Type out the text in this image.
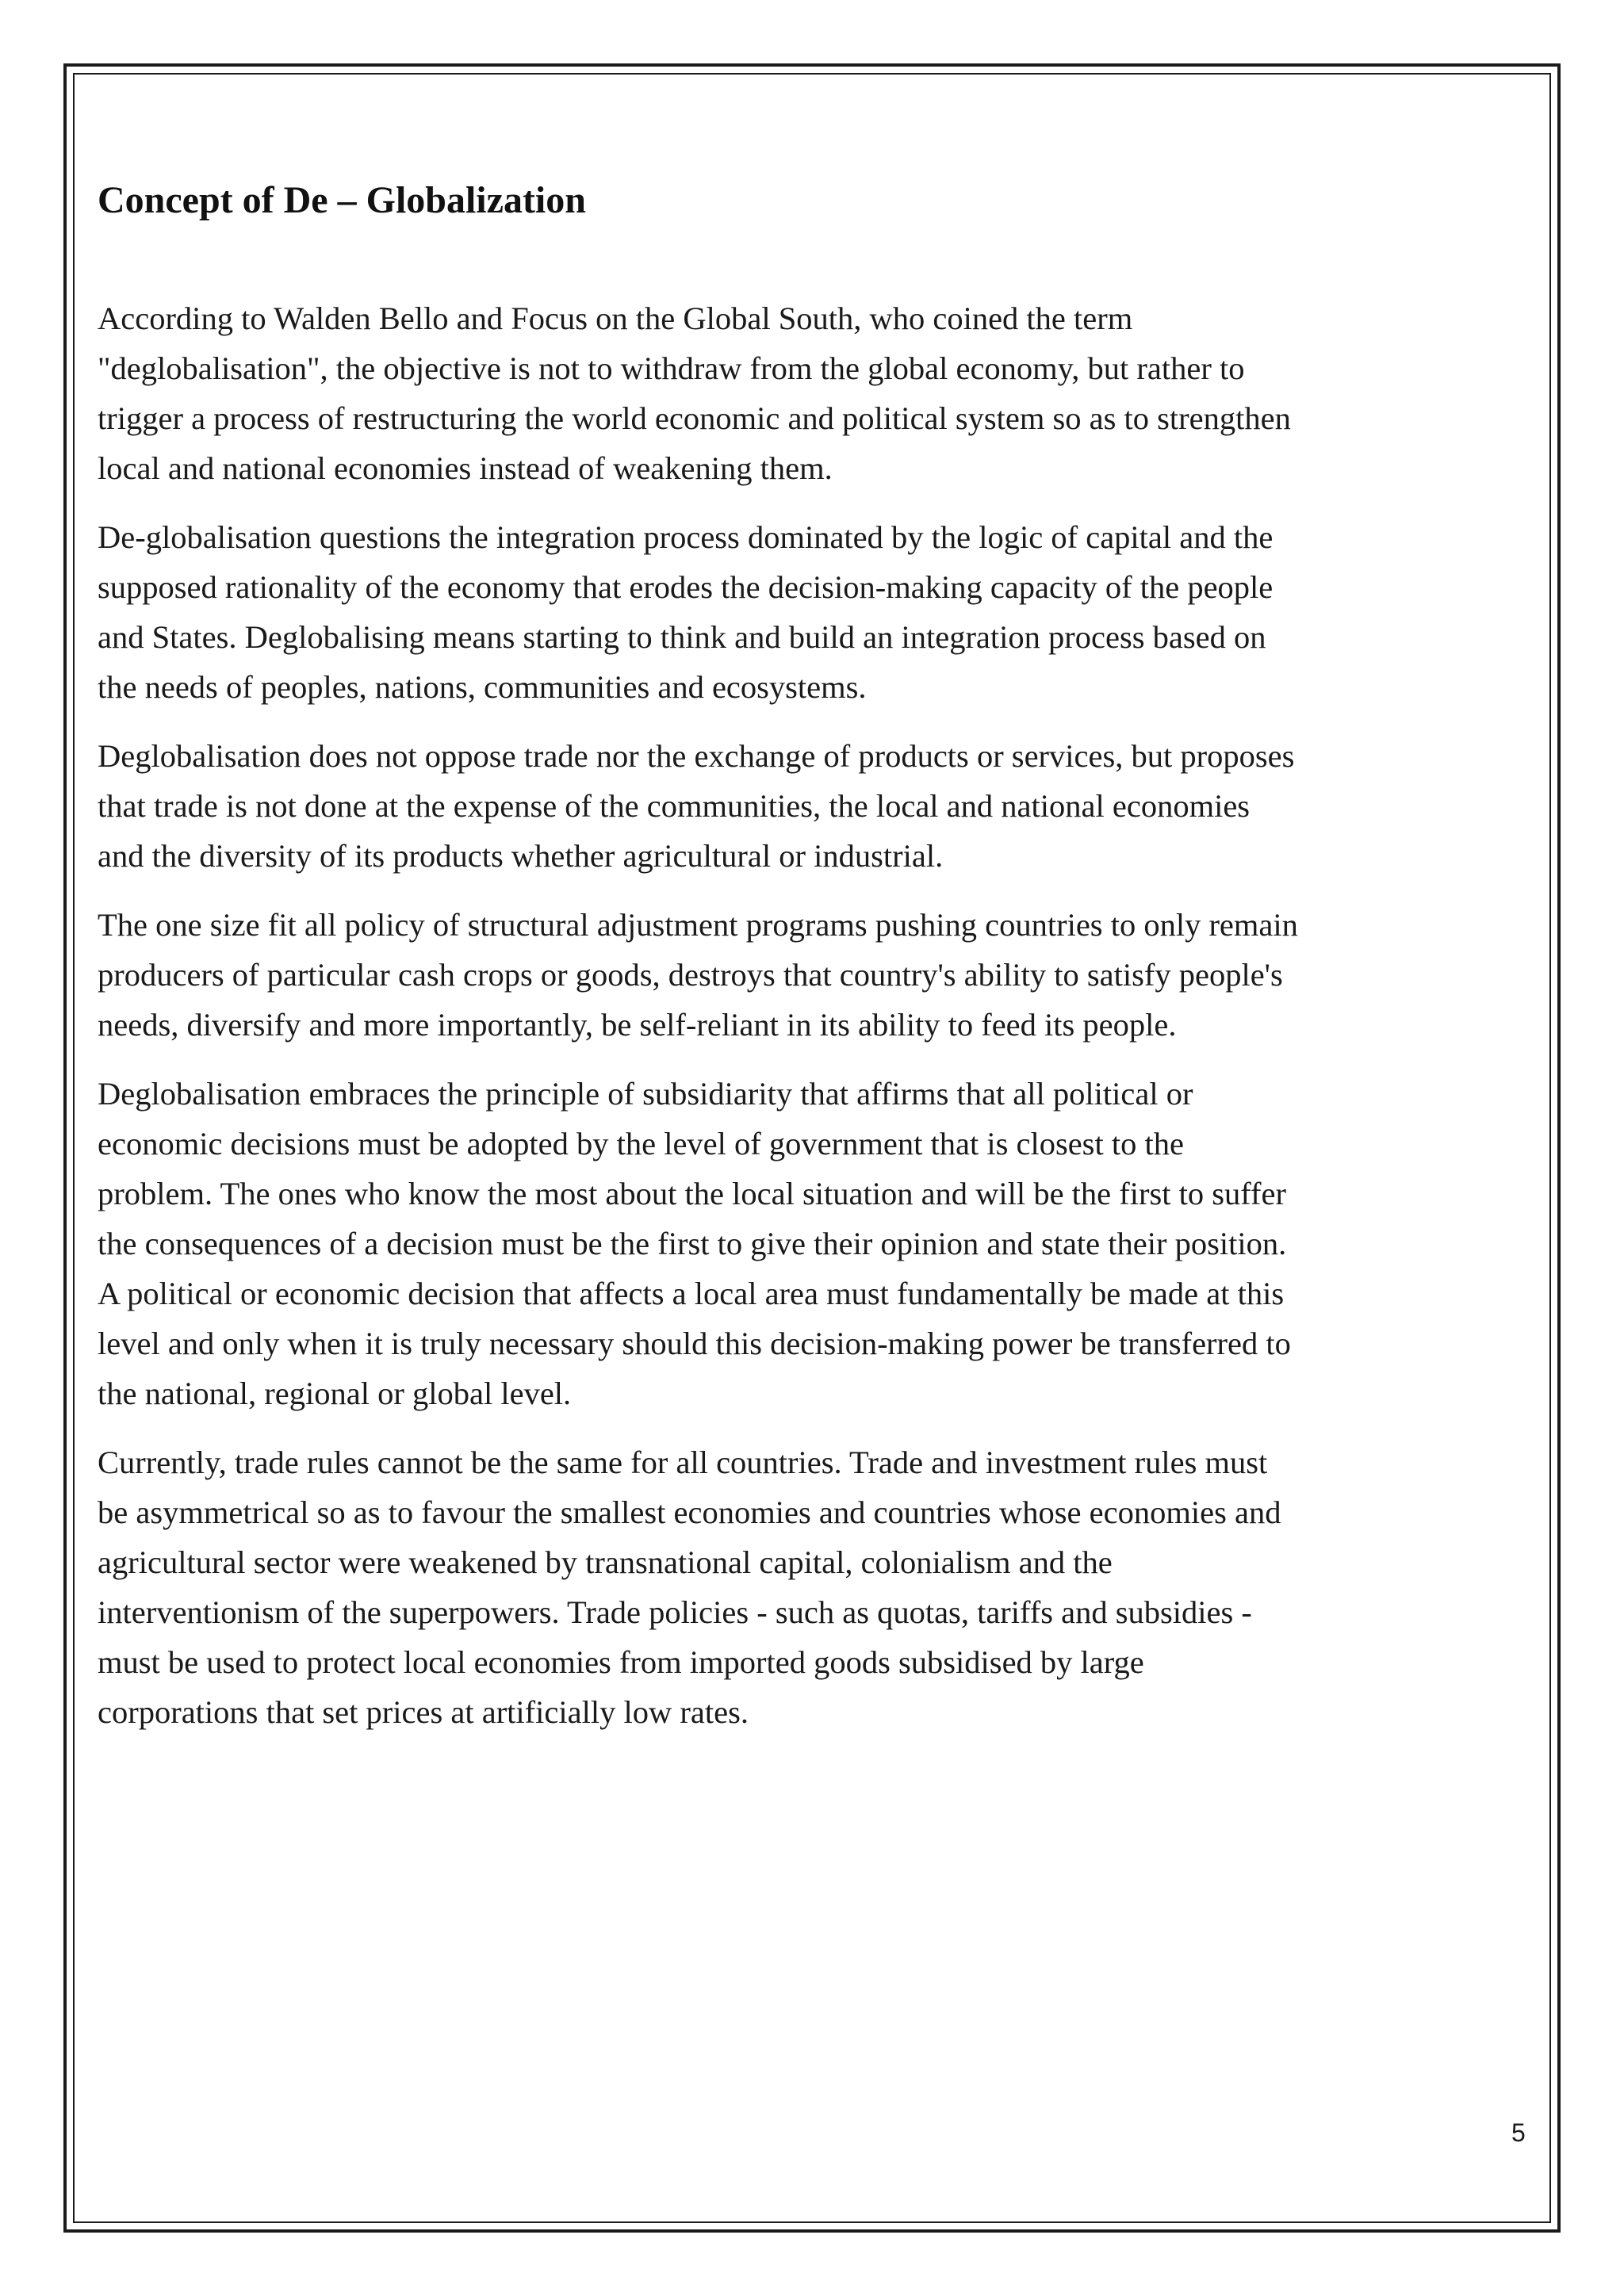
Concept of De – Globalization
According to Walden Bello and Focus on the Global South, who coined the term
"deglobalisation", the objective is not to withdraw from the global economy, but rather to
trigger a process of restructuring the world economic and political system so as to strengthen
local and national economies instead of weakening them.
De-globalisation questions the integration process dominated by the logic of capital and the
supposed rationality of the economy that erodes the decision-making capacity of the people
and States. Deglobalising means starting to think and build an integration process based on
the needs of peoples, nations, communities and ecosystems.
Deglobalisation does not oppose trade nor the exchange of products or services, but proposes
that trade is not done at the expense of the communities, the local and national economies
and the diversity of its products whether agricultural or industrial.
The one size fit all policy of structural adjustment programs pushing countries to only remain
producers of particular cash crops or goods, destroys that country's ability to satisfy people's
needs, diversify and more importantly, be self-reliant in its ability to feed its people.
Deglobalisation embraces the principle of subsidiarity that affirms that all political or
economic decisions must be adopted by the level of government that is closest to the
problem. The ones who know the most about the local situation and will be the first to suffer
the consequences of a decision must be the first to give their opinion and state their position.
A political or economic decision that affects a local area must fundamentally be made at this
level and only when it is truly necessary should this decision-making power be transferred to
the national, regional or global level.
Currently, trade rules cannot be the same for all countries. Trade and investment rules must
be asymmetrical so as to favour the smallest economies and countries whose economies and
agricultural sector were weakened by transnational capital, colonialism and the
interventionism of the superpowers. Trade policies - such as quotas, tariffs and subsidies -
must be used to protect local economies from imported goods subsidised by large
corporations that set prices at artificially low rates.
5
